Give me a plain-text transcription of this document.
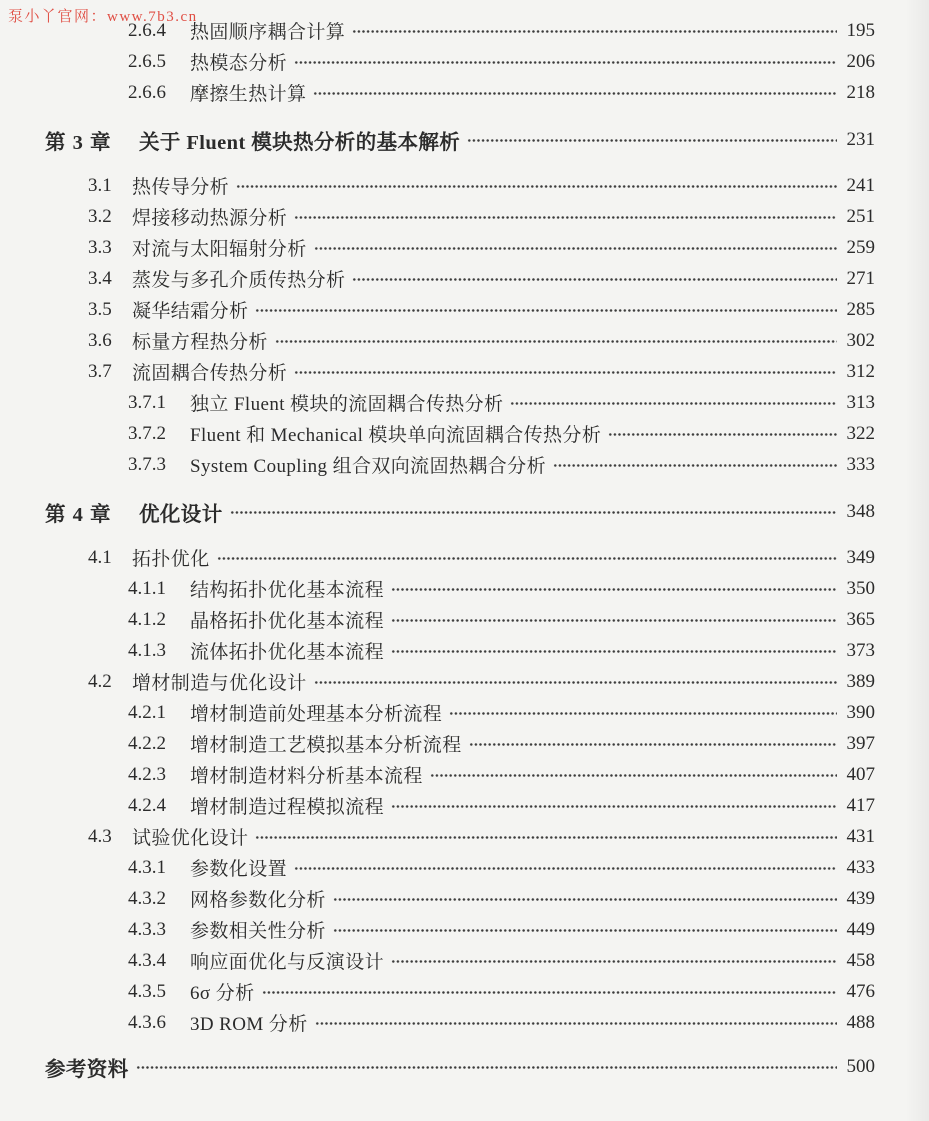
泵小丫官网：www.7b3.cn
2.6.4	热固顺序耦合计算	195
2.6.5	热模态分析	206
2.6.6	摩擦生热计算	218
第 3 章	关于 Fluent 模块热分析的基本解析	231
3.1	热传导分析	241
3.2	焊接移动热源分析	251
3.3	对流与太阳辐射分析	259
3.4	蒸发与多孔介质传热分析	271
3.5	凝华结霜分析	285
3.6	标量方程热分析	302
3.7	流固耦合传热分析	312
3.7.1	独立 Fluent 模块的流固耦合传热分析	313
3.7.2	Fluent 和 Mechanical 模块单向流固耦合传热分析	322
3.7.3	System Coupling 组合双向流固热耦合分析	333
第 4 章	优化设计	348
4.1	拓扑优化	349
4.1.1	结构拓扑优化基本流程	350
4.1.2	晶格拓扑优化基本流程	365
4.1.3	流体拓扑优化基本流程	373
4.2	增材制造与优化设计	389
4.2.1	增材制造前处理基本分析流程	390
4.2.2	增材制造工艺模拟基本分析流程	397
4.2.3	增材制造材料分析基本流程	407
4.2.4	增材制造过程模拟流程	417
4.3	试验优化设计	431
4.3.1	参数化设置	433
4.3.2	网格参数化分析	439
4.3.3	参数相关性分析	449
4.3.4	响应面优化与反演设计	458
4.3.5	6σ 分析	476
4.3.6	3D ROM 分析	488
参考资料	500
